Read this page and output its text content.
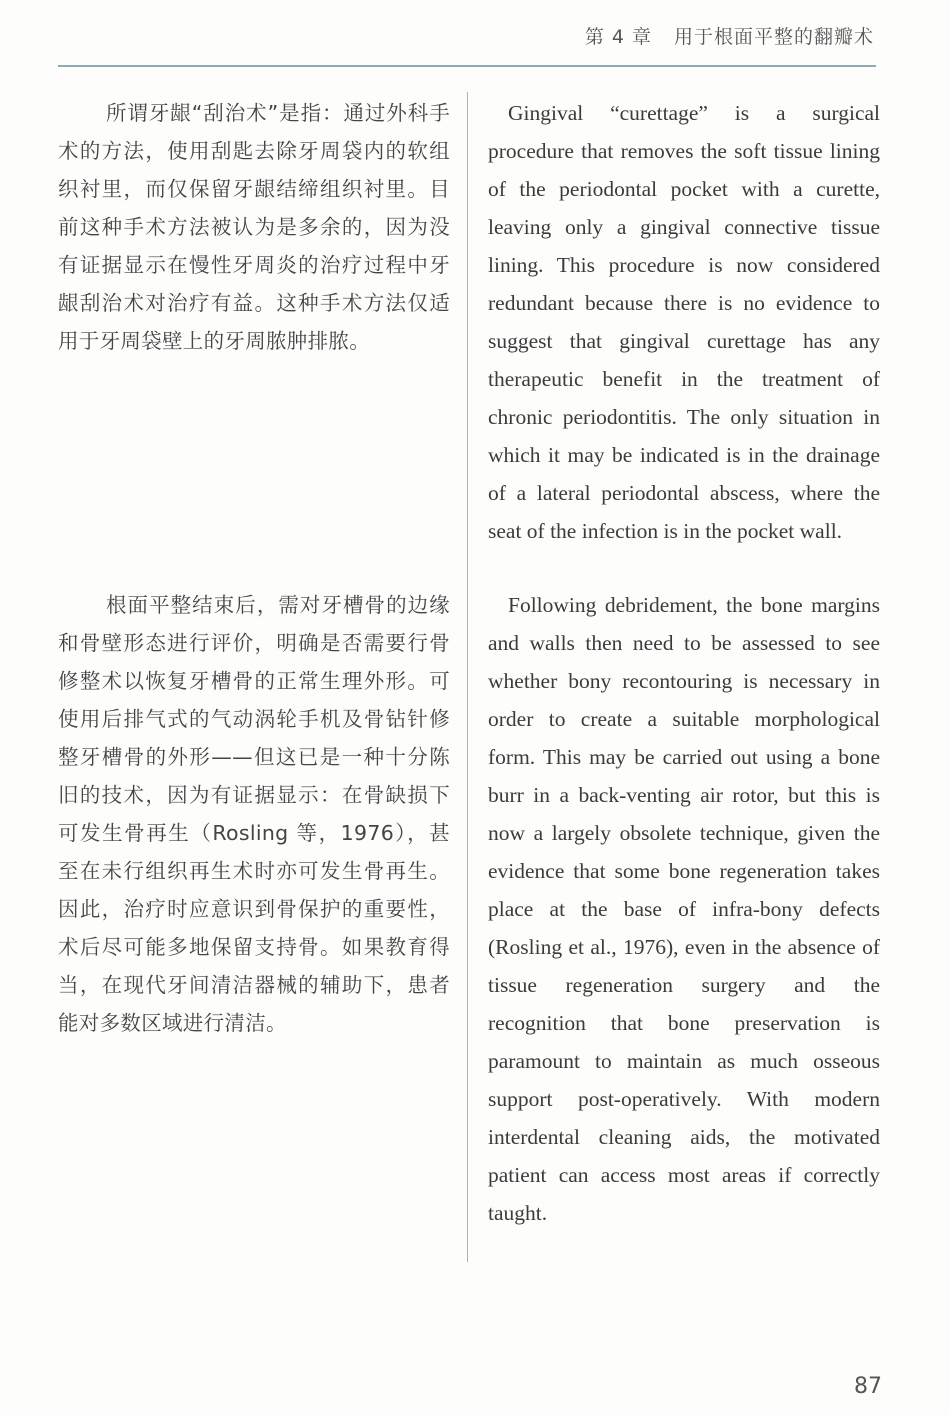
第 4 章 用于根面平整的翻瓣术

所谓牙龈“刮治术”是指：通过外科手术的方法，使用刮匙去除牙周袋内的软组织衬里，而仅保留牙龈结缔组织衬里。目前这种手术方法被认为是多余的，因为没有证据显示在慢性牙周炎的治疗过程中牙龈刮治术对治疗有益。这种手术方法仅适用于牙周袋壁上的牙周脓肿排脓。

根面平整结束后，需对牙槽骨的边缘和骨壁形态进行评价，明确是否需要行骨修整术以恢复牙槽骨的正常生理外形。可使用后排气式的气动涡轮手机及骨钻针修整牙槽骨的外形——但这已是一种十分陈旧的技术，因为有证据显示：在骨缺损下可发生骨再生（Rosling 等，1976），甚至在未行组织再生术时亦可发生骨再生。因此，治疗时应意识到骨保护的重要性，术后尽可能多地保留支持骨。如果教育得当，在现代牙间清洁器械的辅助下，患者能对多数区域进行清洁。

Gingival “curettage” is a surgical procedure that removes the soft tissue lining of the periodontal pocket with a curette, leaving only a gingival connective tissue lining. This procedure is now considered redundant because there is no evidence to suggest that gingival curettage has any therapeutic benefit in the treatment of chronic periodontitis. The only situation in which it may be indicated is in the drainage of a lateral periodontal abscess, where the seat of the infection is in the pocket wall.

Following debridement, the bone margins and walls then need to be assessed to see whether bony recontouring is necessary in order to create a suitable morphological form. This may be carried out using a bone burr in a back-venting air rotor, but this is now a largely obsolete technique, given the evidence that some bone regeneration takes place at the base of infra-bony defects (Rosling et al., 1976), even in the absence of tissue regeneration surgery and the recognition that bone preservation is paramount to maintain as much osseous support post-operatively. With modern interdental cleaning aids, the motivated patient can access most areas if correctly taught.

87
